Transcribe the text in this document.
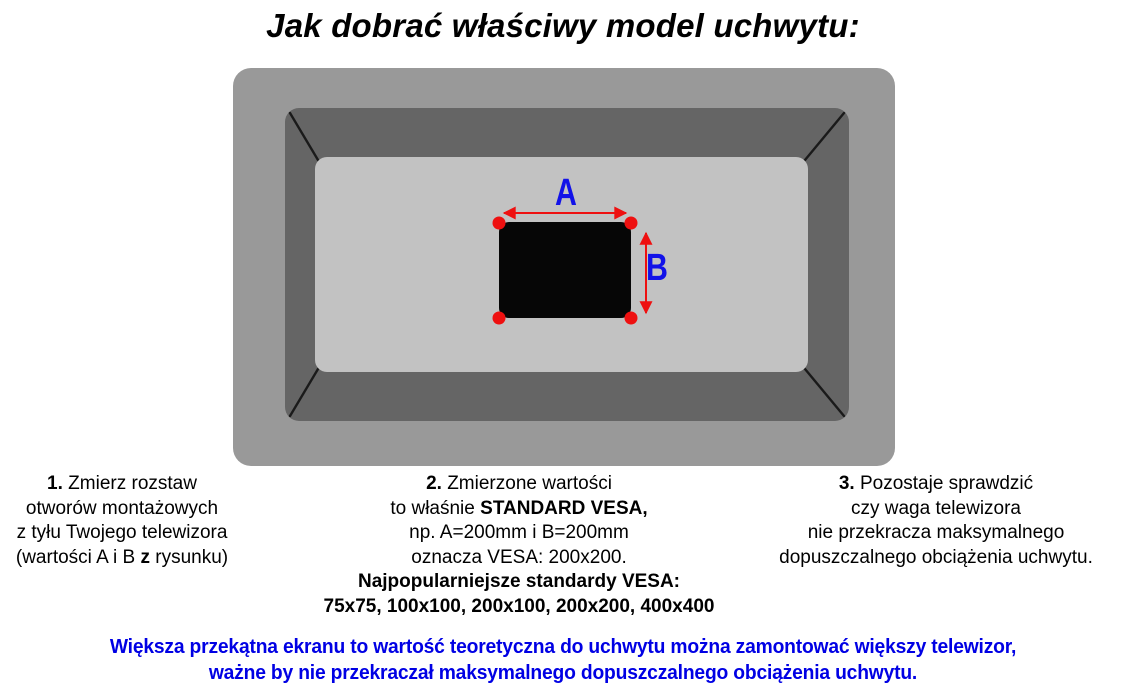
Jak dobrać właściwy model uchwytu:
A
B
1. Zmierz rozstaw
otworów montażowych
z tyłu Twojego telewizora
(wartości A i B z rysunku)
2. Zmierzone wartości
to właśnie STANDARD VESA,
np. A=200mm i B=200mm
oznacza VESA: 200x200.
Najpopularniejsze standardy VESA:
75x75, 100x100, 200x100, 200x200, 400x400
3. Pozostaje sprawdzić
czy waga telewizora
nie przekracza maksymalnego
dopuszczalnego obciążenia uchwytu.
Większa przekątna ekranu to wartość teoretyczna do uchwytu można zamontować większy telewizor,
ważne by nie przekraczał maksymalnego dopuszczalnego obciążenia uchwytu.
